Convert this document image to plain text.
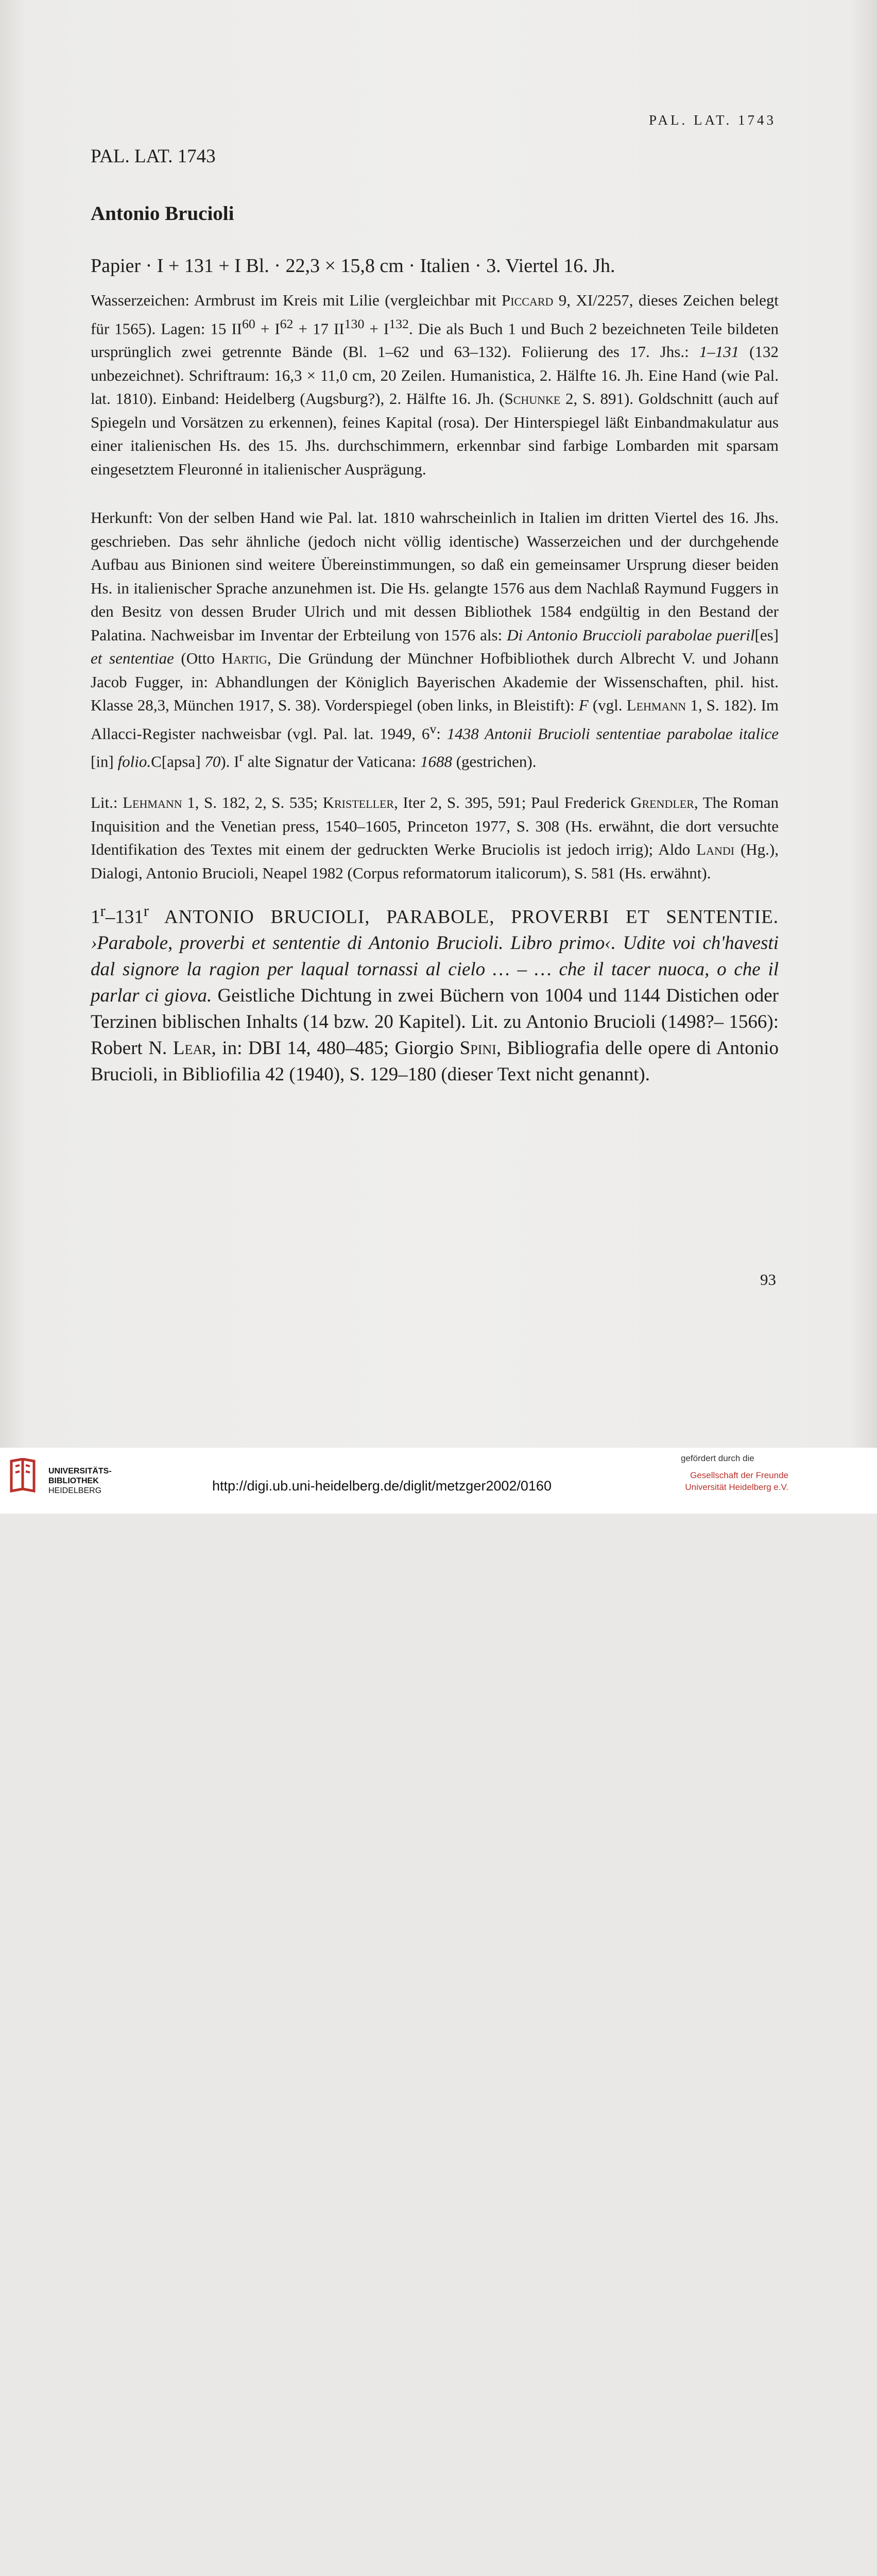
PAL. LAT. 1743
PAL. LAT. 1743
Antonio Brucioli
Papier · I + 131 + I Bl. · 22,3 × 15,8 cm · Italien · 3. Viertel 16. Jh.
Wasserzeichen: Armbrust im Kreis mit Lilie (vergleichbar mit Piccard 9, XI/2257, dieses Zeichen belegt für 1565). Lagen: 15 $II^{60} + I^{62} + 17$ $II^{130} + I^{132}$. Die als Buch 1 und Buch 2 bezeichneten Teile bildeten ursprünglich zwei getrennte Bände (Bl. 1–62 und 63–132). Foliierung des 17. Jhs.: 1–131 (132 unbezeichnet). Schriftraum: 16,3 × 11,0 cm, 20 Zeilen. Humanistica, 2. Hälfte 16. Jh. Eine Hand (wie Pal. lat. 1810). Einband: Heidelberg (Augsburg?), 2. Hälfte 16. Jh. (Schunke 2, S. 891). Goldschnitt (auch auf Spiegeln und Vorsätzen zu erkennen), feines Kapital (rosa). Der Hinterspiegel läßt Einbandmakulatur aus einer italienischen Hs. des 15. Jhs. durchschimmern, erkennbar sind farbige Lombarden mit sparsam eingesetztem Fleuronné in italienischer Ausprägung.
Herkunft: Von der selben Hand wie Pal. lat. 1810 wahrscheinlich in Italien im dritten Viertel des 16. Jhs. geschrieben. Das sehr ähnliche (jedoch nicht völlig identische) Wasserzeichen und der durchgehende Aufbau aus Binionen sind weitere Übereinstimmungen, so daß ein gemeinsamer Ursprung dieser beiden Hs. in italienischer Sprache anzunehmen ist. Die Hs. gelangte 1576 aus dem Nachlaß Raymund Fuggers in den Besitz von dessen Bruder Ulrich und mit dessen Bibliothek 1584 endgültig in den Bestand der Palatina. Nachweisbar im Inventar der Erbteilung von 1576 als: Di Antonio Bruccioli parabolae pueril[es] et sententiae (Otto Hartig, Die Gründung der Münchner Hofbibliothek durch Albrecht V. und Johann Jacob Fugger, in: Abhandlungen der Königlich Bayerischen Akademie der Wissenschaften, phil. hist. Klasse 28,3, München 1917, S. 38). Vorderspiegel (oben links, in Bleistift): F (vgl. Lehmann 1, S. 182). Im Allacci-Register nachweisbar (vgl. Pal. lat. 1949, 6$^v$: 1438 Antonii Brucioli sententiae parabolae italice [in] folio.C[apsa] 70). $I^r$ alte Signatur der Vaticana: 1688 (gestrichen).
Lit.: Lehmann 1, S. 182, 2, S. 535; Kristeller, Iter 2, S. 395, 591; Paul Frederick Grendler, The Roman Inquisition and the Venetian press, 1540–1605, Princeton 1977, S. 308 (Hs. erwähnt, die dort versuchte Identifikation des Textes mit einem der gedruckten Werke Bruciolis ist jedoch irrig); Aldo Landi (Hg.), Dialogi, Antonio Brucioli, Neapel 1982 (Corpus reformatorum italicorum), S. 581 (Hs. erwähnt).
1$^r$–131$^r$ ANTONIO BRUCIOLI, PARABOLE, PROVERBI ET SENTENTIE. ›Parabole, proverbi et sententie di Antonio Brucioli. Libro primo‹. Udite voi ch'havesti dal signore la ragion per laqual tornassi al cielo … – … che il tacer nuoca, o che il parlar ci giova. Geistliche Dichtung in zwei Büchern von 1004 und 1144 Distichen oder Terzinen biblischen Inhalts (14 bzw. 20 Kapitel). Lit. zu Antonio Brucioli (1498?– 1566): Robert N. Lear, in: DBI 14, 480–485; Giorgio Spini, Bibliografia delle opere di Antonio Brucioli, in Bibliofilia 42 (1940), S. 129–180 (dieser Text nicht genannt).
93
UNIVERSITÄTS-
BIBLIOTHEK
HEIDELBERG	http://digi.ub.uni-heidelberg.de/diglit/metzger2002/0160
gefördert durch die
Gesellschaft der Freunde
Universität Heidelberg e.V.
